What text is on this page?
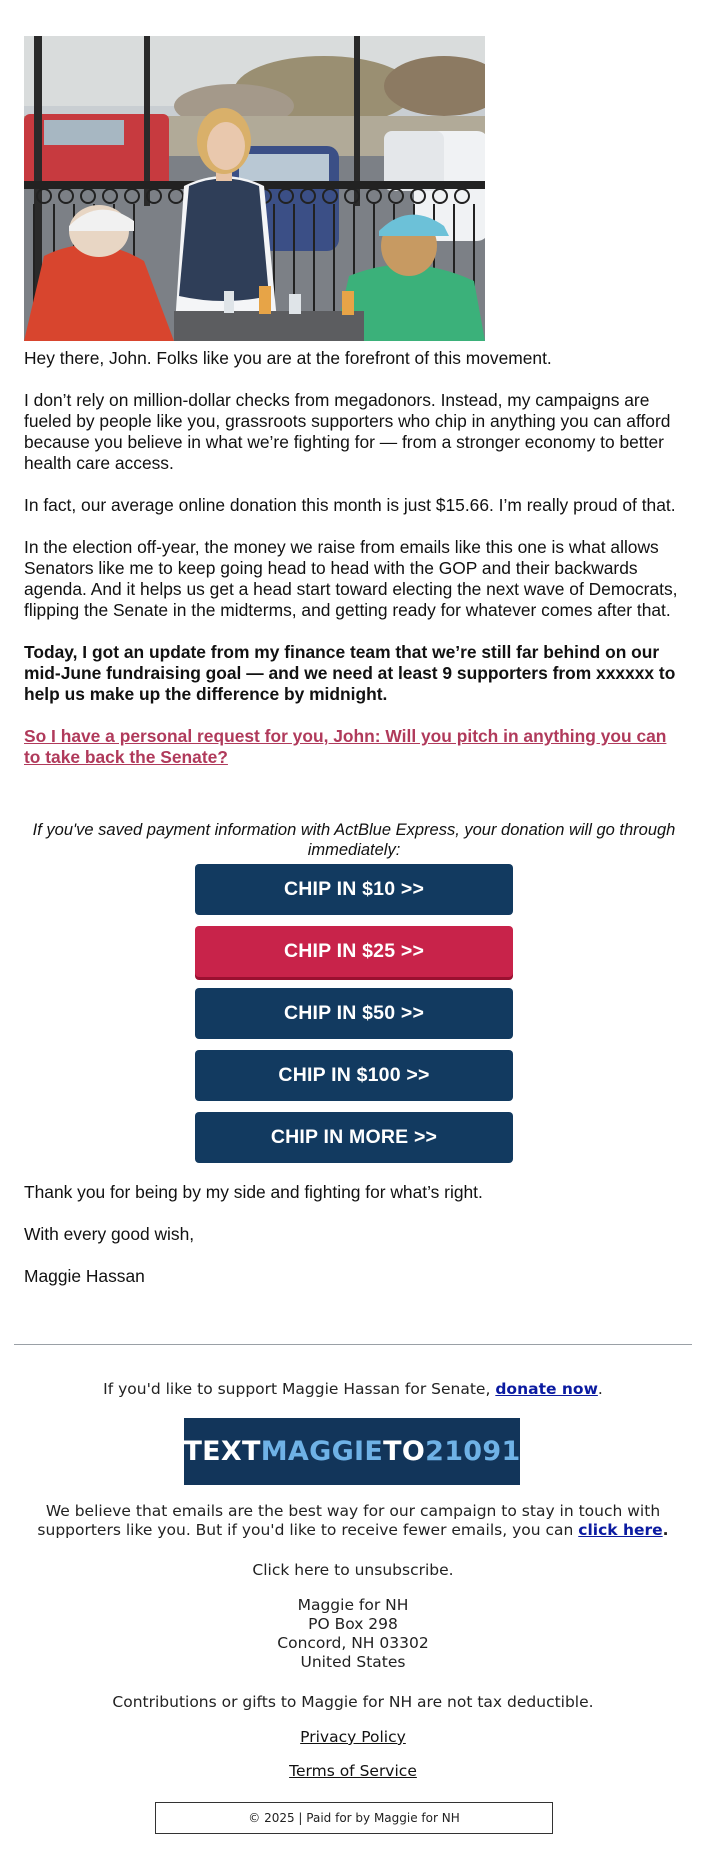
Hey there, John. Folks like you are at the forefront of this movement.

I don’t rely on million-dollar checks from megadonors. Instead, my campaigns are fueled by people like you, grassroots supporters who chip in anything you can afford because you believe in what we’re fighting for — from a stronger economy to better health care access.

In fact, our average online donation this month is just $15.66. I’m really proud of that.

In the election off-year, the money we raise from emails like this one is what allows Senators like me to keep going head to head with the GOP and their backwards agenda. And it helps us get a head start toward electing the next wave of Democrats, flipping the Senate in the midterms, and getting ready for whatever comes after that.

Today, I got an update from my finance team that we’re still far behind on our mid-June fundraising goal — and we need at least 9 supporters from xxxxxx to help us make up the difference by midnight.

So I have a personal request for you, John: Will you pitch in anything you can to take back the Senate?
If you've saved payment information with ActBlue Express, your donation will go through immediately:
CHIP IN $10 >>
CHIP IN $25 >>
CHIP IN $50 >>
CHIP IN $100 >>
CHIP IN MORE >>

Thank you for being by my side and fighting for what’s right.

With every good wish,

Maggie Hassan

If you'd like to support Maggie Hassan for Senate, donate now.

TEXT MAGGIE TO 21091
We believe that emails are the best way for our campaign to stay in touch with supporters like you. But if you'd like to receive fewer emails, you can click here.
Click here to unsubscribe.
Maggie for NH
PO Box 298
Concord, NH 03302
United States
Contributions or gifts to Maggie for NH are not tax deductible.
Privacy Policy
Terms of Service
© 2025 | Paid for by Maggie for NH
